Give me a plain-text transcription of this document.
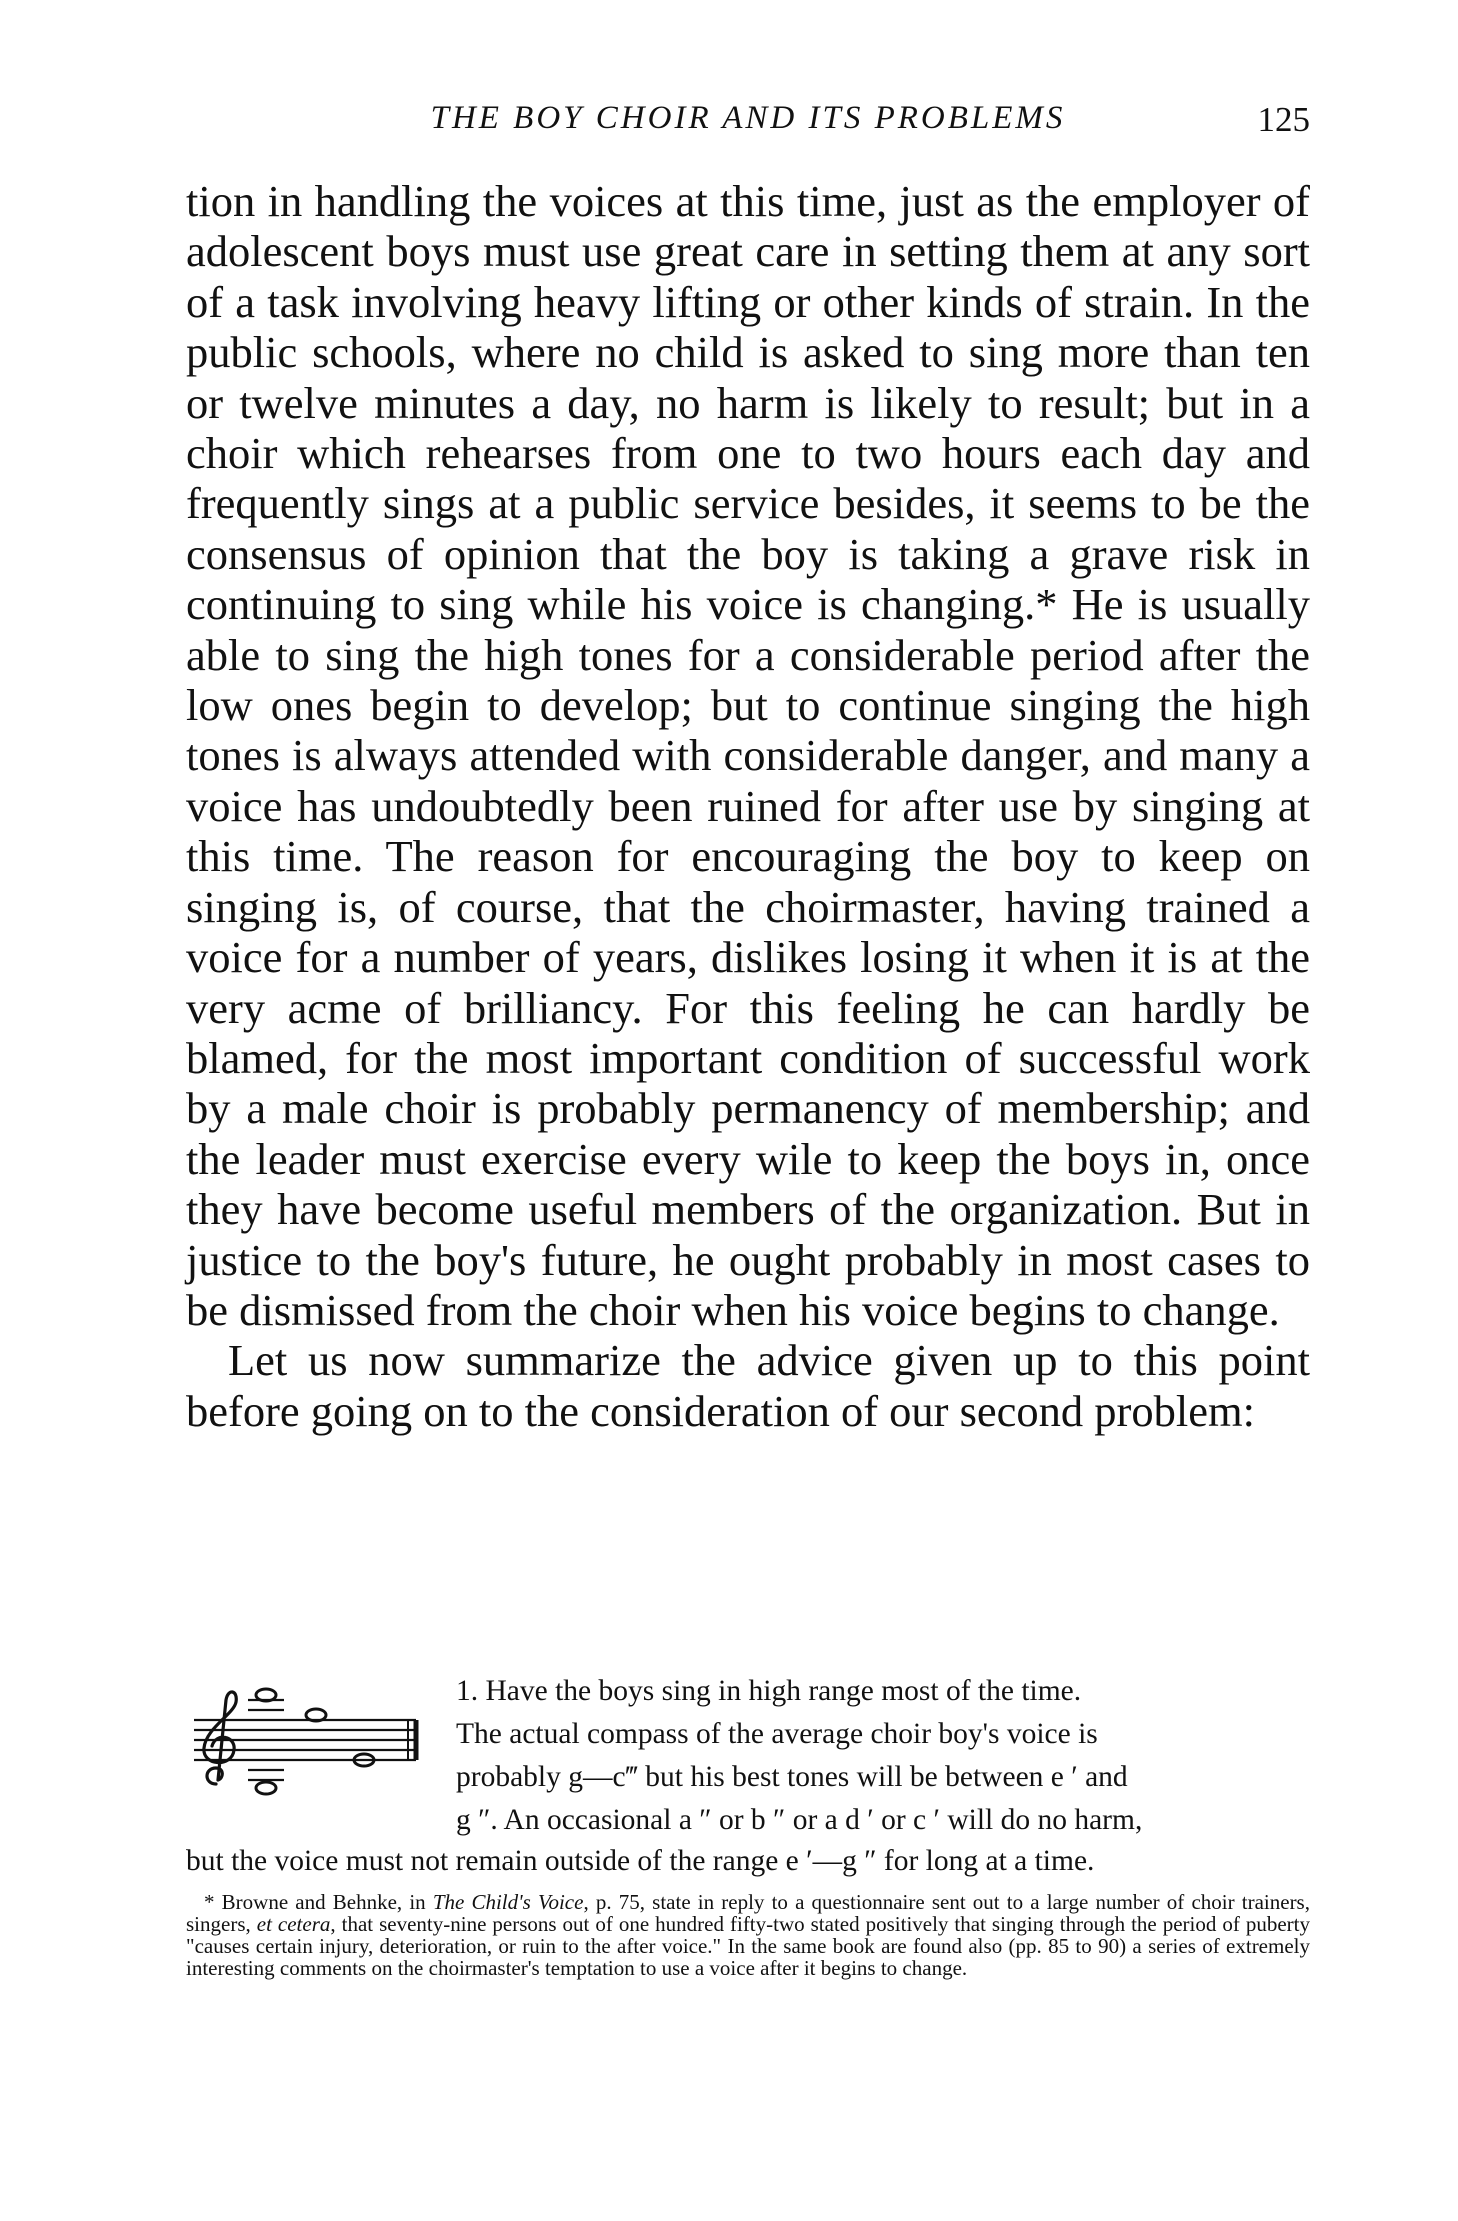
THE BOY CHOIR AND ITS PROBLEMS	125

tion in handling the voices at this time, just as the employer of adolescent boys must use great care in setting them at any sort of a task involving heavy lifting or other kinds of strain. In the public schools, where no child is asked to sing more than ten or twelve minutes a day, no harm is likely to result; but in a choir which rehearses from one to two hours each day and frequently sings at a public service besides, it seems to be the consensus of opinion that the boy is taking a grave risk in continuing to sing while his voice is changing.* He is usually able to sing the high tones for a considerable period after the low ones begin to develop; but to continue singing the high tones is always attended with considerable danger, and many a voice has undoubtedly been ruined for after use by singing at this time. The reason for encouraging the boy to keep on singing is, of course, that the choirmaster, having trained a voice for a number of years, dislikes losing it when it is at the very acme of brilliancy. For this feeling he can hardly be blamed, for the most important condition of successful work by a male choir is probably permanency of membership; and the leader must exercise every wile to keep the boys in, once they have become useful members of the organization. But in justice to the boy's future, he ought probably in most cases to be dismissed from the choir when his voice begins to change.

Let us now summarize the advice given up to this point before going on to the consideration of our second problem:

1. Have the boys sing in high range most of the time.
The actual compass of the average choir boy's voice is
probably g—c‴ but his best tones will be between e ′ and
g ″. An occasional a ″ or b ″ or a d ′ or c ′ will do no harm,
but the voice must not remain outside of the range e ′—g ″ for long at a time.

* Browne and Behnke, in The Child's Voice, p. 75, state in reply to a questionnaire sent out to a large number of choir trainers, singers, et cetera, that seventy-nine persons out of one hundred fifty-two stated positively that singing through the period of puberty "causes certain injury, deterioration, or ruin to the after voice." In the same book are found also (pp. 85 to 90) a series of extremely interesting comments on the choirmaster's temptation to use a voice after it begins to change.
